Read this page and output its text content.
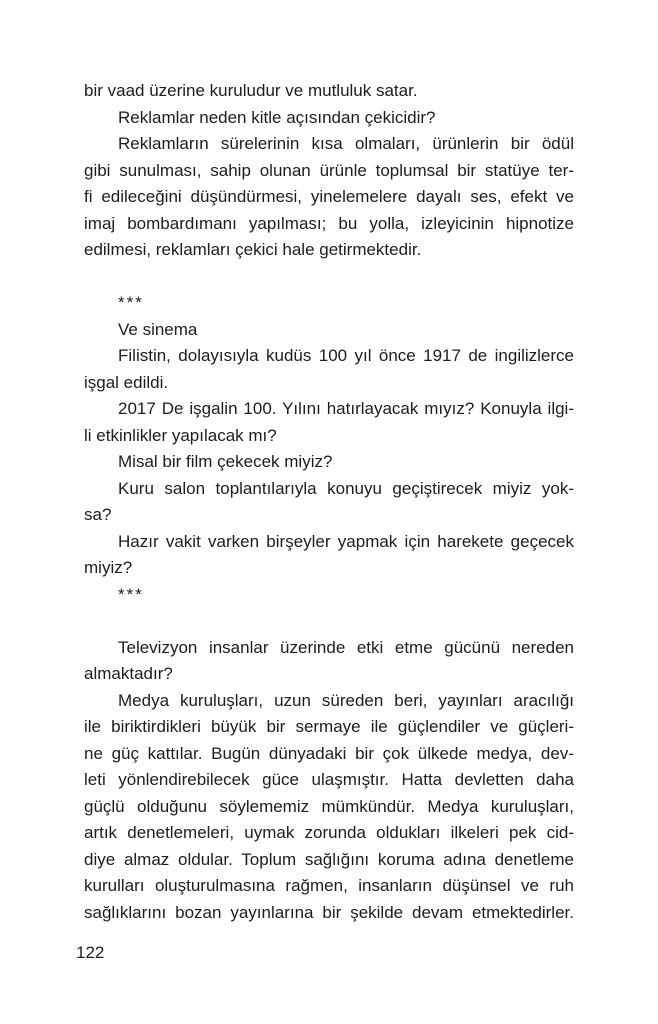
bir vaad üzerine kuruludur ve mutluluk satar.
Reklamlar neden kitle açısından çekicidir?
Reklamların sürelerinin kısa olmaları, ürünlerin bir ödül
gibi sunulması, sahip olunan ürünle toplumsal bir statüye ter-
fi edileceğini düşündürmesi, yinelemelere dayalı ses, efekt ve
imaj bombardımanı yapılması; bu yolla, izleyicinin hipnotize
edilmesi, reklamları çekici hale getirmektedir.
***
Ve sinema
Filistin, dolayısıyla kudüs 100 yıl önce 1917 de ingilizlerce
işgal edildi.
2017 De işgalin 100. Yılını hatırlayacak mıyız? Konuyla ilgi-
li etkinlikler yapılacak mı?
Misal bir film çekecek miyiz?
Kuru salon toplantılarıyla konuyu geçiştirecek miyiz yok-
sa?
Hazır vakit varken birşeyler yapmak için harekete geçecek
miyiz?
***
Televizyon insanlar üzerinde etki etme gücünü nereden
almaktadır?
Medya kuruluşları, uzun süreden beri, yayınları aracılığı
ile biriktirdikleri büyük bir sermaye ile güçlendiler ve güçleri-
ne güç kattılar. Bugün dünyadaki bir çok ülkede medya, dev-
leti yönlendirebilecek güce ulaşmıştır. Hatta devletten daha
güçlü olduğunu söylememiz mümkündür. Medya kuruluşları,
artık denetlemeleri, uymak zorunda oldukları ilkeleri pek cid-
diye almaz oldular. Toplum sağlığını koruma adına denetleme
kurulları oluşturulmasına rağmen, insanların düşünsel ve ruh
sağlıklarını bozan yayınlarına bir şekilde devam etmektedirler.
122
